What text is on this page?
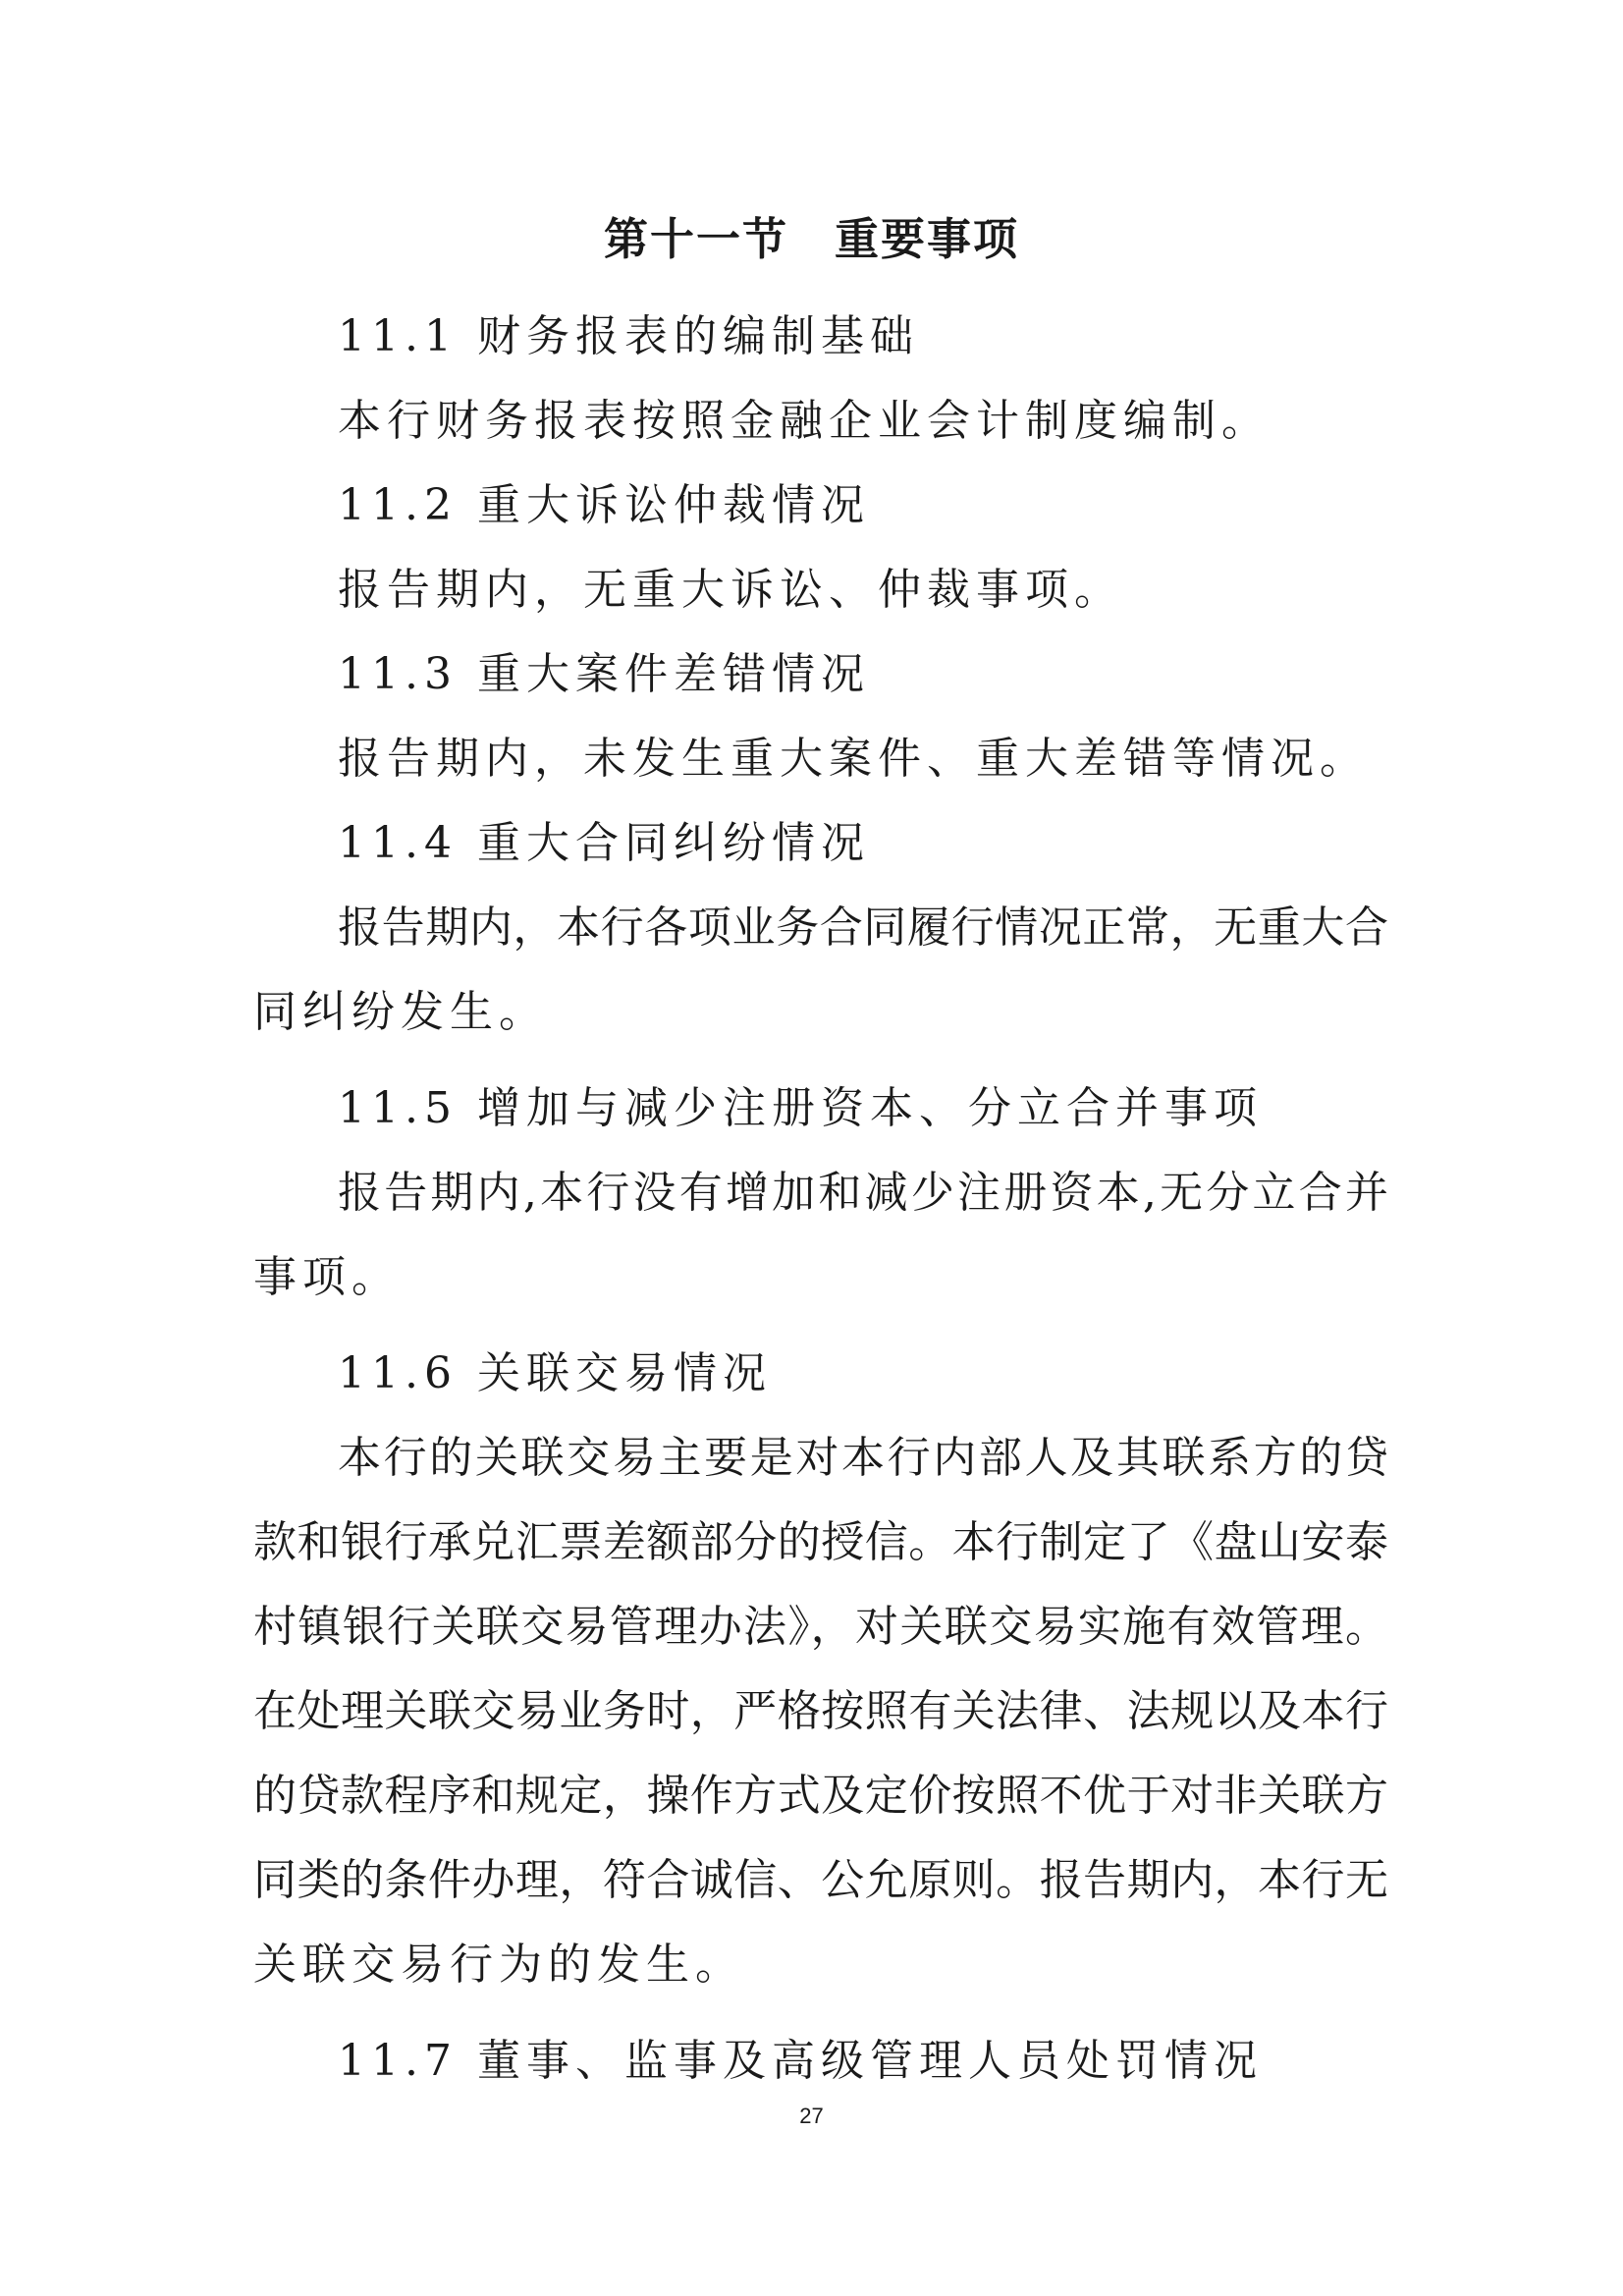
第十一节　重要事项
11.1 财务报表的编制基础
本行财务报表按照金融企业会计制度编制。
11.2 重大诉讼仲裁情况
报告期内，无重大诉讼、仲裁事项。
11.3 重大案件差错情况
报告期内，未发生重大案件、重大差错等情况。
11.4 重大合同纠纷情况
报告期内，本行各项业务合同履行情况正常，无重大合
同纠纷发生。
11.5 增加与减少注册资本、分立合并事项
报告期内,本行没有增加和减少注册资本,无分立合并
事项。
11.6 关联交易情况
本行的关联交易主要是对本行内部人及其联系方的贷
款和银行承兑汇票差额部分的授信。本行制定了《盘山安泰
村镇银行关联交易管理办法》，对关联交易实施有效管理。
在处理关联交易业务时，严格按照有关法律、法规以及本行
的贷款程序和规定，操作方式及定价按照不优于对非关联方
同类的条件办理，符合诚信、公允原则。报告期内，本行无
关联交易行为的发生。
11.7 董事、监事及高级管理人员处罚情况
27
